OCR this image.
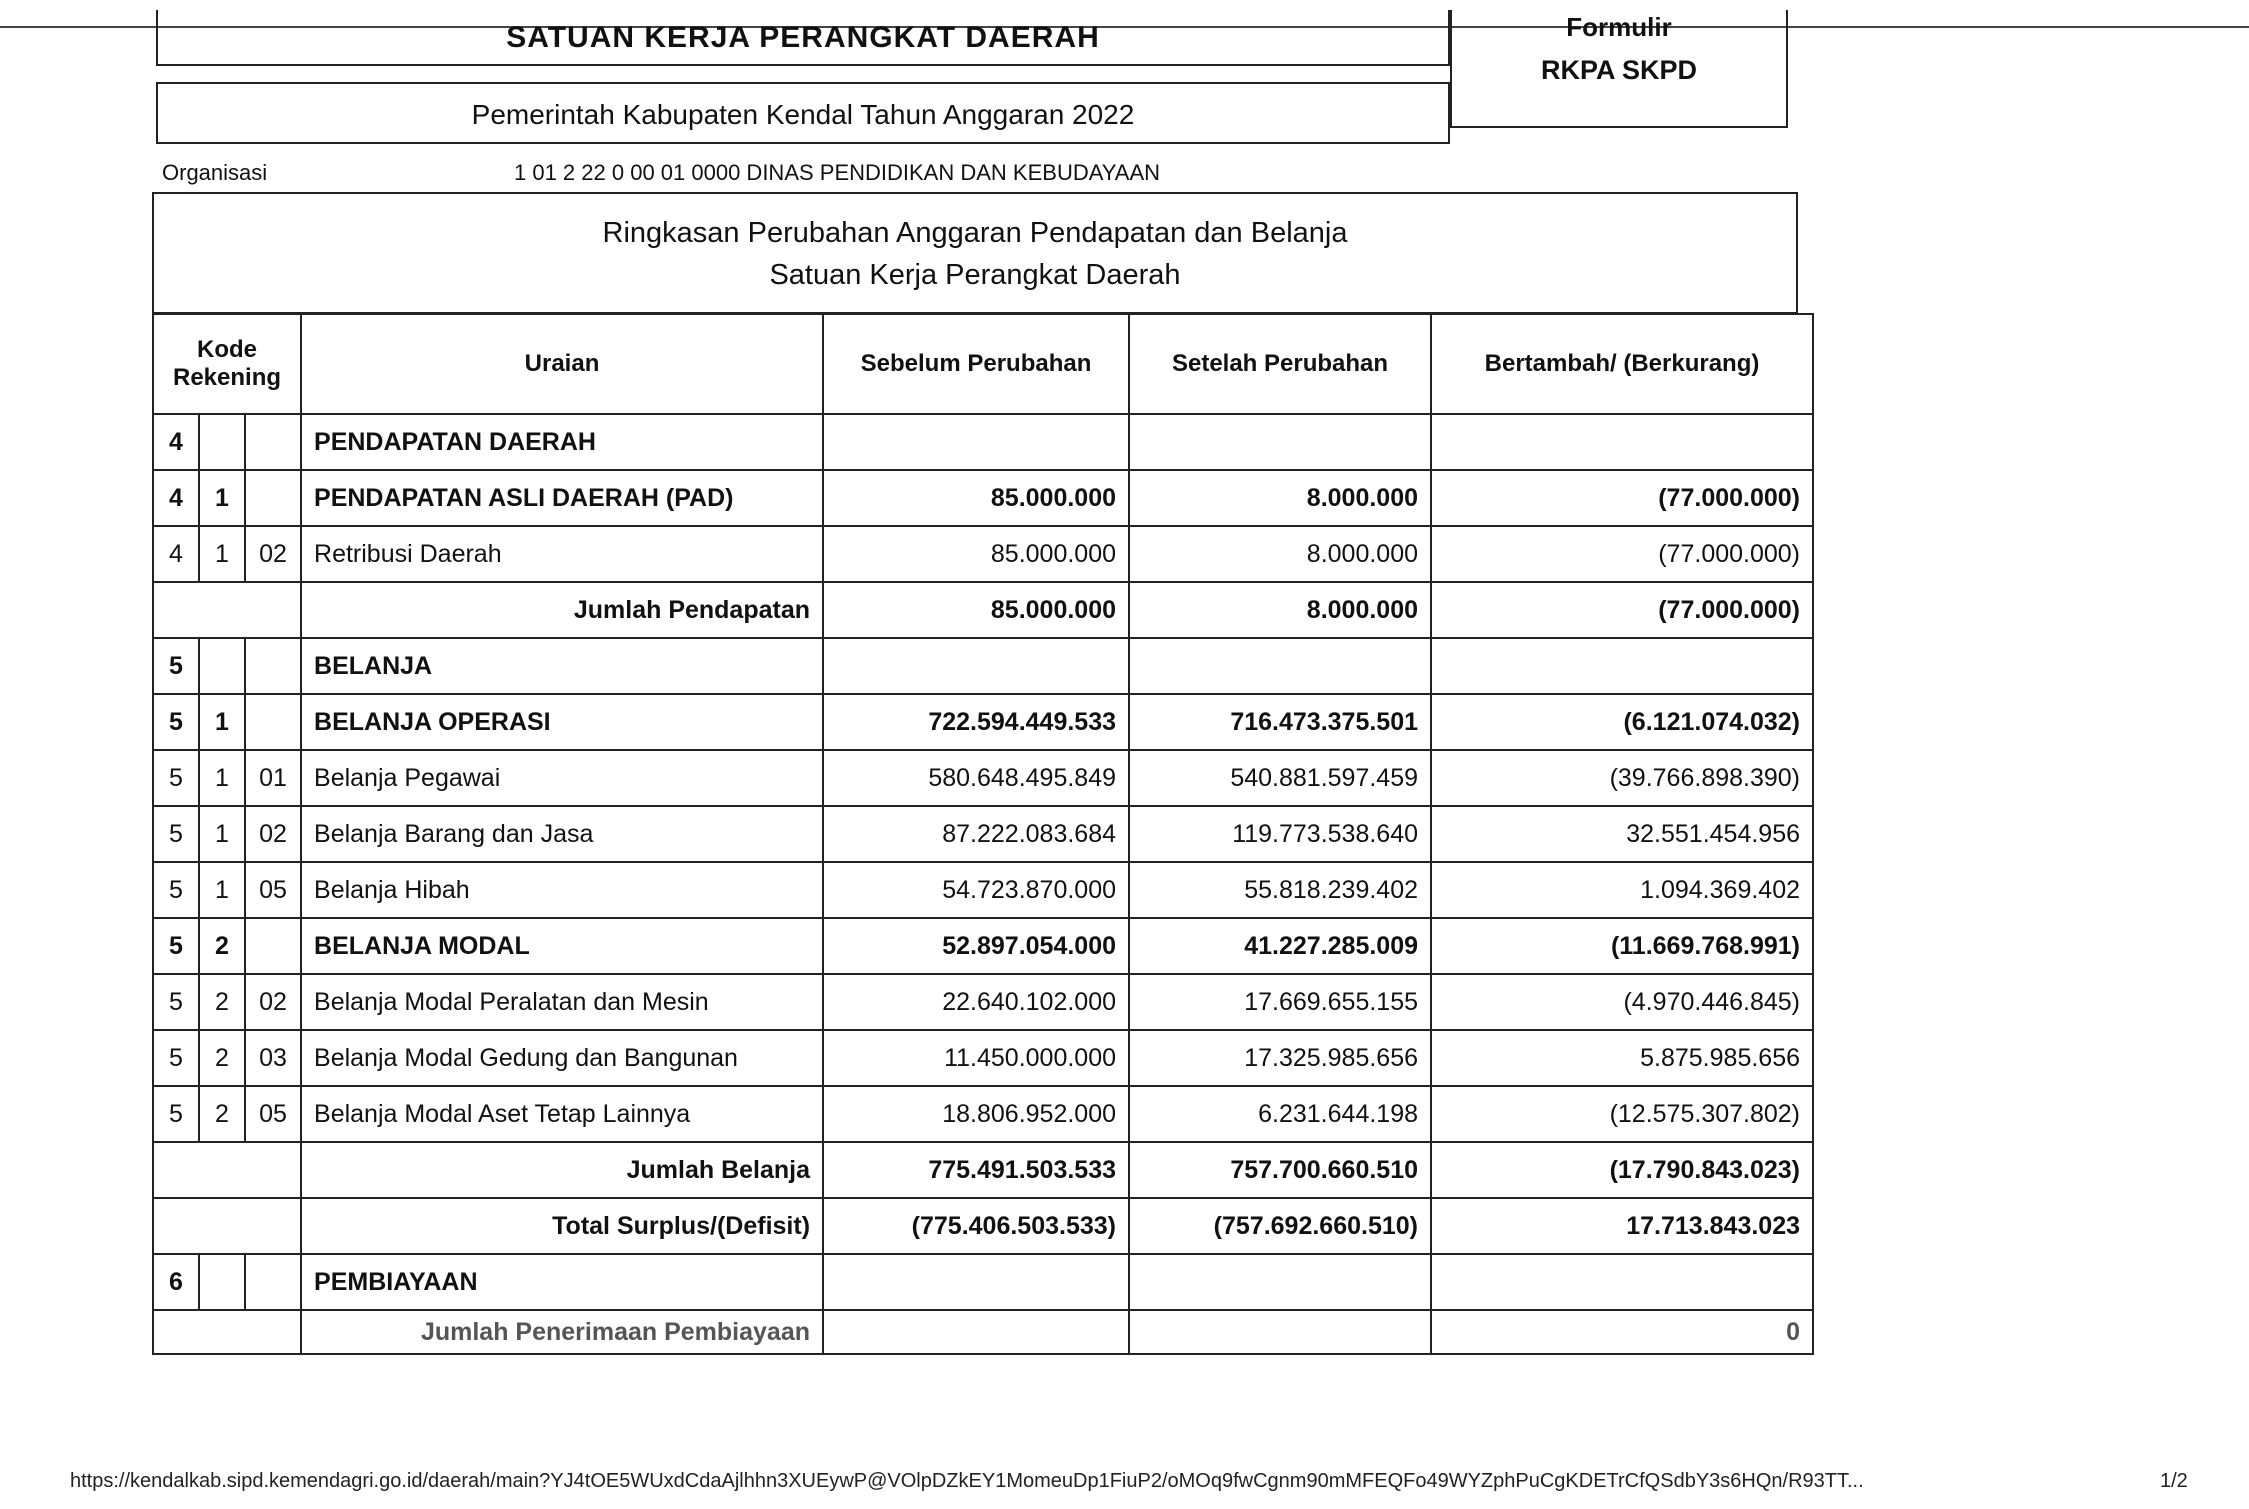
SATUAN KERJA PERANGKAT DAERAH
Pemerintah Kabupaten Kendal Tahun Anggaran 2022
Formulir
RKPA SKPD
Organisasi	1 01 2 22 0 00 01 0000 DINAS PENDIDIKAN DAN KEBUDAYAAN
Ringkasan Perubahan Anggaran Pendapatan dan Belanja
Satuan Kerja Perangkat Daerah
Kode Rekening			Uraian	Sebelum Perubahan	Setelah Perubahan	Bertambah/ (Berkurang)
4			PENDAPATAN DAERAH			
4	1		PENDAPATAN ASLI DAERAH (PAD)	85.000.000	8.000.000	(77.000.000)
4	1	02	Retribusi Daerah	85.000.000	8.000.000	(77.000.000)
			Jumlah Pendapatan	85.000.000	8.000.000	(77.000.000)
5			BELANJA			
5	1		BELANJA OPERASI	722.594.449.533	716.473.375.501	(6.121.074.032)
5	1	01	Belanja Pegawai	580.648.495.849	540.881.597.459	(39.766.898.390)
5	1	02	Belanja Barang dan Jasa	87.222.083.684	119.773.538.640	32.551.454.956
5	1	05	Belanja Hibah	54.723.870.000	55.818.239.402	1.094.369.402
5	2		BELANJA MODAL	52.897.054.000	41.227.285.009	(11.669.768.991)
5	2	02	Belanja Modal Peralatan dan Mesin	22.640.102.000	17.669.655.155	(4.970.446.845)
5	2	03	Belanja Modal Gedung dan Bangunan	11.450.000.000	17.325.985.656	5.875.985.656
5	2	05	Belanja Modal Aset Tetap Lainnya	18.806.952.000	6.231.644.198	(12.575.307.802)
			Jumlah Belanja	775.491.503.533	757.700.660.510	(17.790.843.023)
			Total Surplus/(Defisit)	(775.406.503.533)	(757.692.660.510)	17.713.843.023
6			PEMBIAYAAN			
			Jumlah Penerimaan Pembiayaan			0
https://kendalkab.sipd.kemendagri.go.id/daerah/main?YJ4tOE5WUxdCdaAjlhhn3XUEywP@VOlpDZkEY1MomeuDp1FiuP2/oMOq9fwCgnm90mMFEQFo49WYZphPuCgKDETrCfQSdbY3s6HQn/R93TT...	1/2
